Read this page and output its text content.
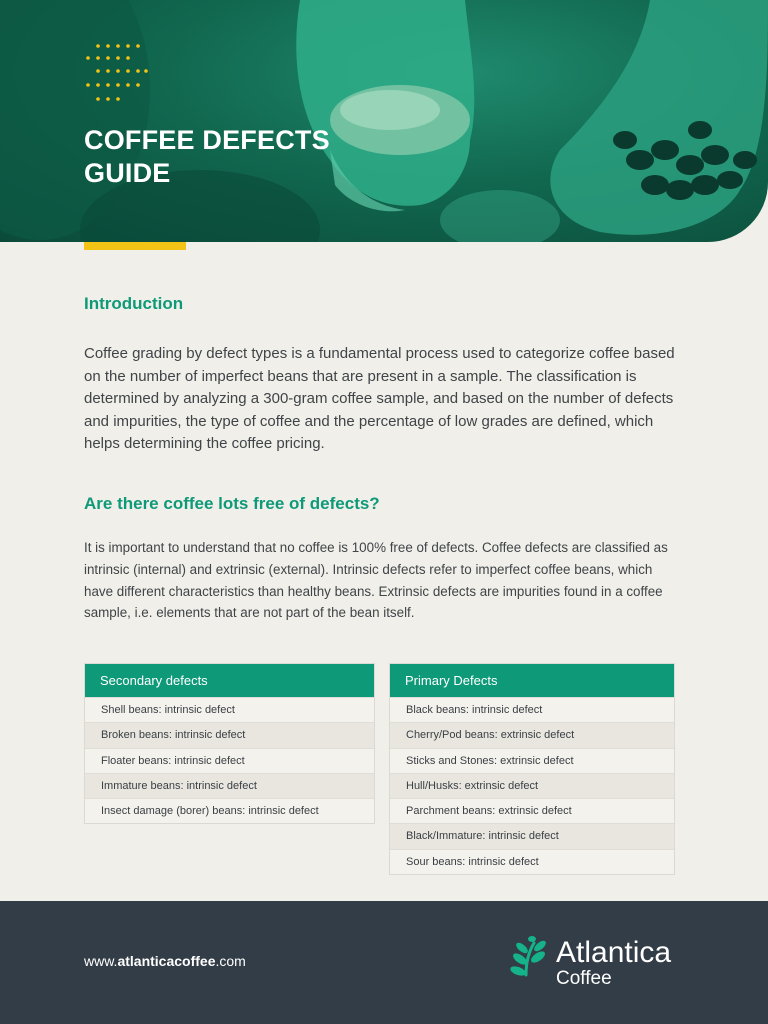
COFFEE DEFECTS
GUIDE
Introduction

Coffee grading by defect types is a fundamental process used to categorize coffee based on the number of imperfect beans that are present in a sample. The classification is determined by analyzing a 300-gram coffee sample, and based on the number of defects and impurities, the type of coffee and the percentage of low grades are defined, which helps determining the coffee pricing.

Are there coffee lots free of defects?

It is important to understand that no coffee is 100% free of defects. Coffee defects are classified as intrinsic (internal) and extrinsic (external). Intrinsic defects refer to imperfect coffee beans, which have different characteristics than healthy beans. Extrinsic defects are impurities found in a coffee sample, i.e. elements that are not part of the bean itself.

Secondary defects
Shell beans: intrinsic defect
Broken beans: intrinsic defect
Floater beans: intrinsic defect
Immature beans: intrinsic defect
Insect damage (borer) beans: intrinsic defect
Primary Defects
Black beans: intrinsic defect
Cherry/Pod beans: extrinsic defect
Sticks and Stones: extrinsic defect
Hull/Husks: extrinsic defect
Parchment beans: extrinsic defect
Black/Immature: intrinsic defect
Sour beans: intrinsic defect
www.atlanticacoffee.com	Atlantica
Coffee
